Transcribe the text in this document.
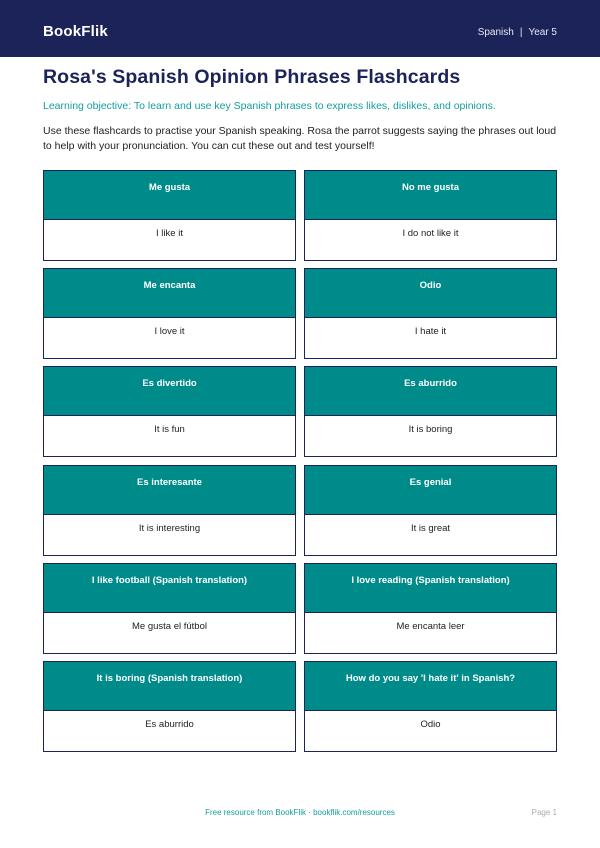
BookFlik	Spanish | Year 5
Rosa's Spanish Opinion Phrases Flashcards
Learning objective: To learn and use key Spanish phrases to express likes, dislikes, and opinions.
Use these flashcards to practise your Spanish speaking. Rosa the parrot suggests saying the phrases out loud to help with your pronunciation. You can cut these out and test yourself!
Me gusta
I like it
No me gusta
I do not like it
Me encanta
I love it
Odio
I hate it
Es divertido
It is fun
Es aburrido
It is boring
Es interesante
It is interesting
Es genial
It is great
I like football (Spanish translation)
Me gusta el fútbol
I love reading (Spanish translation)
Me encanta leer
It is boring (Spanish translation)
Es aburrido
How do you say 'I hate it' in Spanish?
Odio
Free resource from BookFlik · bookflik.com/resources	Page 1
